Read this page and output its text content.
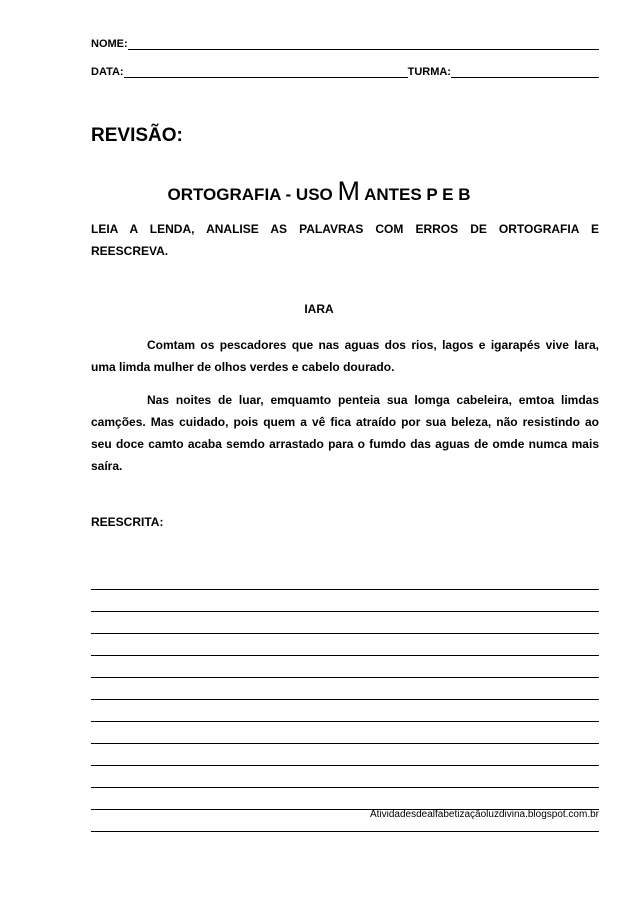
NOME:
DATA:	TURMA:
REVISÃO:
ORTOGRAFIA - USO M ANTES P E B

LEIA A LENDA, ANALISE AS PALAVRAS COM ERROS DE ORTOGRAFIA E REESCREVA.

IARA

Comtam os pescadores que nas aguas dos rios, lagos e igarapés vive Iara, uma limda mulher de olhos verdes e cabelo dourado.

Nas noites de luar, emquamto penteia sua lomga cabeleira, emtoa limdas camções. Mas cuidado, pois quem a vê fica atraído por sua beleza, não resistindo ao seu doce camto acaba semdo arrastado para o fumdo das aguas de omde numca mais saíra.

REESCRITA:

Atividadesdealfabetizaçãoluzdivina.blogspot.com.br
